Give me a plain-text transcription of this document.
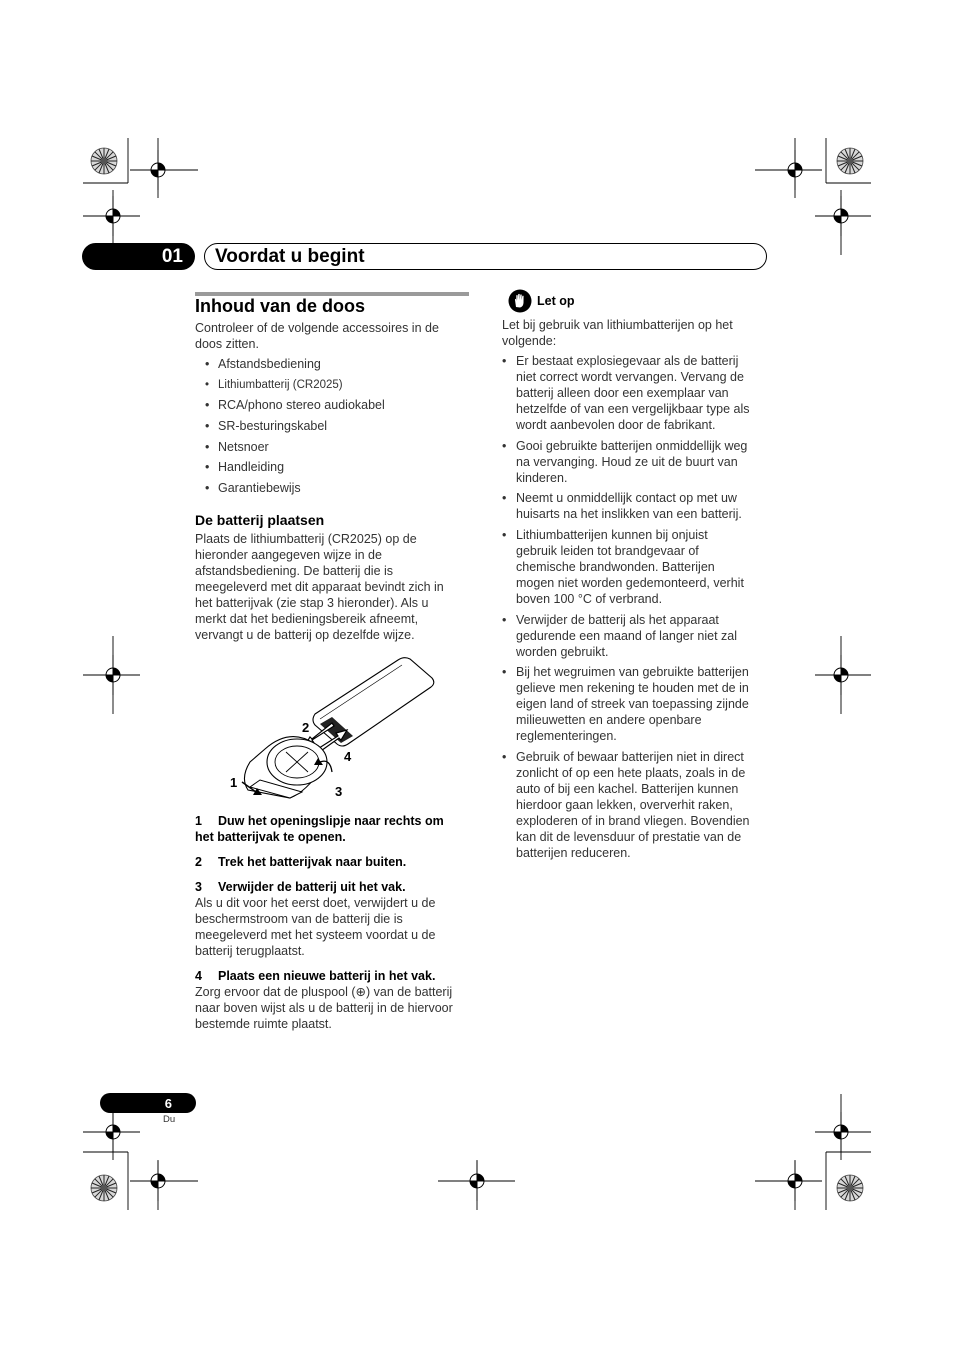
01	Voordat u begint
Inhoud van de doos

Controleer of de volgende accessoires in de

doos zitten.

• Afstandsbediening
• Lithiumbatterij (CR2025)
• RCA/phono stereo audiokabel
• SR-besturingskabel
• Netsnoer
• Handleiding
• Garantiebewijs
De batterij plaatsen

Plaats de lithiumbatterij (CR2025) op de

hieronder aangegeven wijze in de

afstandsbediening. De batterij die is

meegeleverd met dit apparaat bevindt zich in

het batterijvak (zie stap 3 hieronder). Als u

merkt dat het bedieningsbereik afneemt,

vervangt u de batterij op dezelfde wijze.

1
2
3
4
1 Duw het openingslipje naar rechts om
het batterijvak te openen.
2 Trek het batterijvak naar buiten.
3 Verwijder de batterij uit het vak.

Als u dit voor het eerst doet, verwijdert u de

beschermstroom van de batterij die is

meegeleverd met het systeem voordat u de

batterij terugplaatst.

4 Plaats een nieuwe batterij in het vak.

Zorg ervoor dat de pluspool (⊕) van de batterij

naar boven wijst als u de batterij in de hiervoor

bestemde ruimte plaatst.

Let op

Let bij gebruik van lithiumbatterijen op het

volgende:

• Er bestaat explosiegevaar als de batterij
niet correct wordt vervangen. Vervang de
batterij alleen door een exemplaar van
hetzelfde of van een vergelijkbaar type als
wordt aanbevolen door de fabrikant.
• Gooi gebruikte batterijen onmiddellijk weg
na vervanging. Houd ze uit de buurt van
kinderen.
• Neemt u onmiddellijk contact op met uw
huisarts na het inslikken van een batterij.
• Lithiumbatterijen kunnen bij onjuist
gebruik leiden tot brandgevaar of
chemische brandwonden. Batterijen
mogen niet worden gedemonteerd, verhit
boven 100 °C of verbrand.
• Verwijder de batterij als het apparaat
gedurende een maand of langer niet zal
worden gebruikt.
• Bij het wegruimen van gebruikte batterijen
gelieve men rekening te houden met de in
eigen land of streek van toepassing zijnde
milieuwetten en andere openbare
reglementeringen.
• Gebruik of bewaar batterijen niet in direct
zonlicht of op een hete plaats, zoals in de
auto of bij een kachel. Batterijen kunnen
hierdoor gaan lekken, oververhit raken,
exploderen of in brand vliegen. Bovendien
kan dit de levensduur of prestatie van de
batterijen reduceren.
6
Du
